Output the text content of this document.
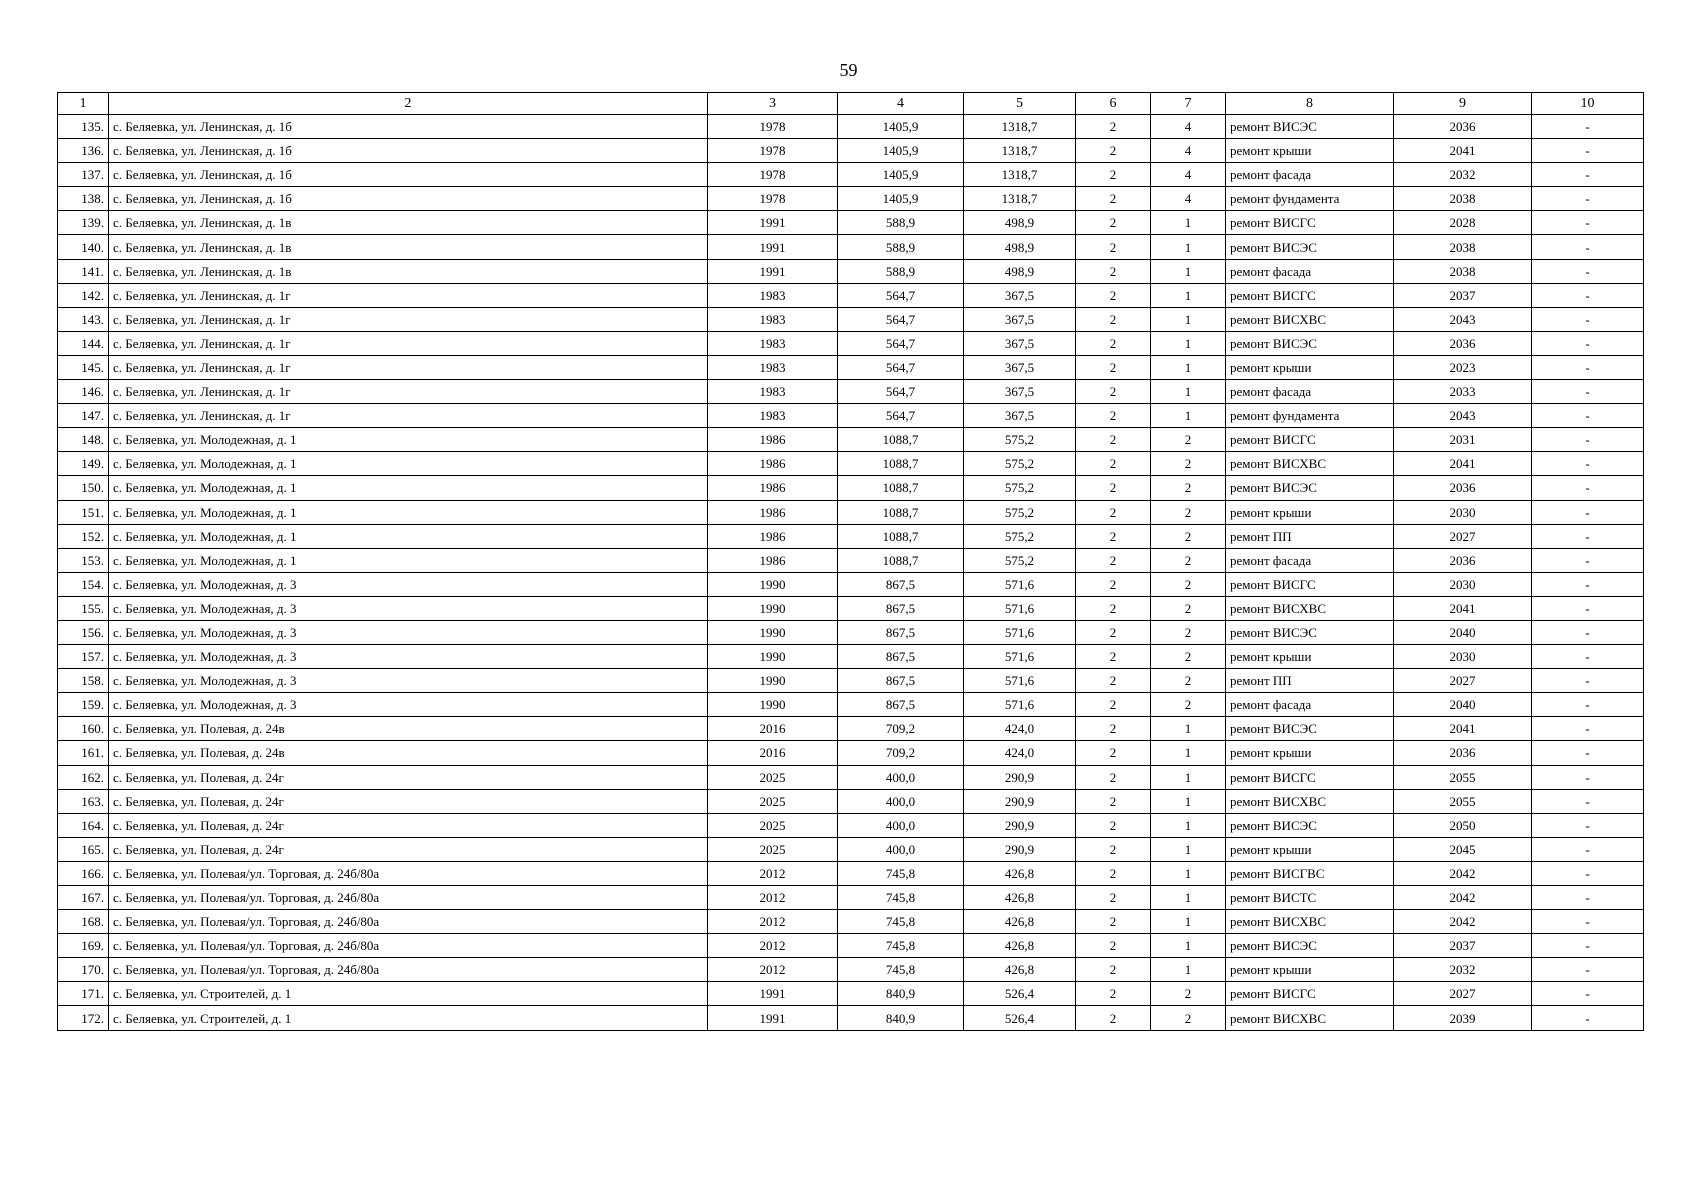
59
1	2	3	4	5	6	7	8	9	10
135.	с. Беляевка, ул. Ленинская, д. 1б	1978	1405,9	1318,7	2	4	ремонт ВИСЭС	2036	-
136.	с. Беляевка, ул. Ленинская, д. 1б	1978	1405,9	1318,7	2	4	ремонт крыши	2041	-
137.	с. Беляевка, ул. Ленинская, д. 1б	1978	1405,9	1318,7	2	4	ремонт фасада	2032	-
138.	с. Беляевка, ул. Ленинская, д. 1б	1978	1405,9	1318,7	2	4	ремонт фундамента	2038	-
139.	с. Беляевка, ул. Ленинская, д. 1в	1991	588,9	498,9	2	1	ремонт ВИСГС	2028	-
140.	с. Беляевка, ул. Ленинская, д. 1в	1991	588,9	498,9	2	1	ремонт ВИСЭС	2038	-
141.	с. Беляевка, ул. Ленинская, д. 1в	1991	588,9	498,9	2	1	ремонт фасада	2038	-
142.	с. Беляевка, ул. Ленинская, д. 1г	1983	564,7	367,5	2	1	ремонт ВИСГС	2037	-
143.	с. Беляевка, ул. Ленинская, д. 1г	1983	564,7	367,5	2	1	ремонт ВИСХВС	2043	-
144.	с. Беляевка, ул. Ленинская, д. 1г	1983	564,7	367,5	2	1	ремонт ВИСЭС	2036	-
145.	с. Беляевка, ул. Ленинская, д. 1г	1983	564,7	367,5	2	1	ремонт крыши	2023	-
146.	с. Беляевка, ул. Ленинская, д. 1г	1983	564,7	367,5	2	1	ремонт фасада	2033	-
147.	с. Беляевка, ул. Ленинская, д. 1г	1983	564,7	367,5	2	1	ремонт фундамента	2043	-
148.	с. Беляевка, ул. Молодежная, д. 1	1986	1088,7	575,2	2	2	ремонт ВИСГС	2031	-
149.	с. Беляевка, ул. Молодежная, д. 1	1986	1088,7	575,2	2	2	ремонт ВИСХВС	2041	-
150.	с. Беляевка, ул. Молодежная, д. 1	1986	1088,7	575,2	2	2	ремонт ВИСЭС	2036	-
151.	с. Беляевка, ул. Молодежная, д. 1	1986	1088,7	575,2	2	2	ремонт крыши	2030	-
152.	с. Беляевка, ул. Молодежная, д. 1	1986	1088,7	575,2	2	2	ремонт ПП	2027	-
153.	с. Беляевка, ул. Молодежная, д. 1	1986	1088,7	575,2	2	2	ремонт фасада	2036	-
154.	с. Беляевка, ул. Молодежная, д. 3	1990	867,5	571,6	2	2	ремонт ВИСГС	2030	-
155.	с. Беляевка, ул. Молодежная, д. 3	1990	867,5	571,6	2	2	ремонт ВИСХВС	2041	-
156.	с. Беляевка, ул. Молодежная, д. 3	1990	867,5	571,6	2	2	ремонт ВИСЭС	2040	-
157.	с. Беляевка, ул. Молодежная, д. 3	1990	867,5	571,6	2	2	ремонт крыши	2030	-
158.	с. Беляевка, ул. Молодежная, д. 3	1990	867,5	571,6	2	2	ремонт ПП	2027	-
159.	с. Беляевка, ул. Молодежная, д. 3	1990	867,5	571,6	2	2	ремонт фасада	2040	-
160.	с. Беляевка, ул. Полевая, д. 24в	2016	709,2	424,0	2	1	ремонт ВИСЭС	2041	-
161.	с. Беляевка, ул. Полевая, д. 24в	2016	709,2	424,0	2	1	ремонт крыши	2036	-
162.	с. Беляевка, ул. Полевая, д. 24г	2025	400,0	290,9	2	1	ремонт ВИСГС	2055	-
163.	с. Беляевка, ул. Полевая, д. 24г	2025	400,0	290,9	2	1	ремонт ВИСХВС	2055	-
164.	с. Беляевка, ул. Полевая, д. 24г	2025	400,0	290,9	2	1	ремонт ВИСЭС	2050	-
165.	с. Беляевка, ул. Полевая, д. 24г	2025	400,0	290,9	2	1	ремонт крыши	2045	-
166.	с. Беляевка, ул. Полевая/ул. Торговая, д. 24б/80а	2012	745,8	426,8	2	1	ремонт ВИСГВС	2042	-
167.	с. Беляевка, ул. Полевая/ул. Торговая, д. 24б/80а	2012	745,8	426,8	2	1	ремонт ВИСТС	2042	-
168.	с. Беляевка, ул. Полевая/ул. Торговая, д. 24б/80а	2012	745,8	426,8	2	1	ремонт ВИСХВС	2042	-
169.	с. Беляевка, ул. Полевая/ул. Торговая, д. 24б/80а	2012	745,8	426,8	2	1	ремонт ВИСЭС	2037	-
170.	с. Беляевка, ул. Полевая/ул. Торговая, д. 24б/80а	2012	745,8	426,8	2	1	ремонт крыши	2032	-
171.	с. Беляевка, ул. Строителей, д. 1	1991	840,9	526,4	2	2	ремонт ВИСГС	2027	-
172.	с. Беляевка, ул. Строителей, д. 1	1991	840,9	526,4	2	2	ремонт ВИСХВС	2039	-
